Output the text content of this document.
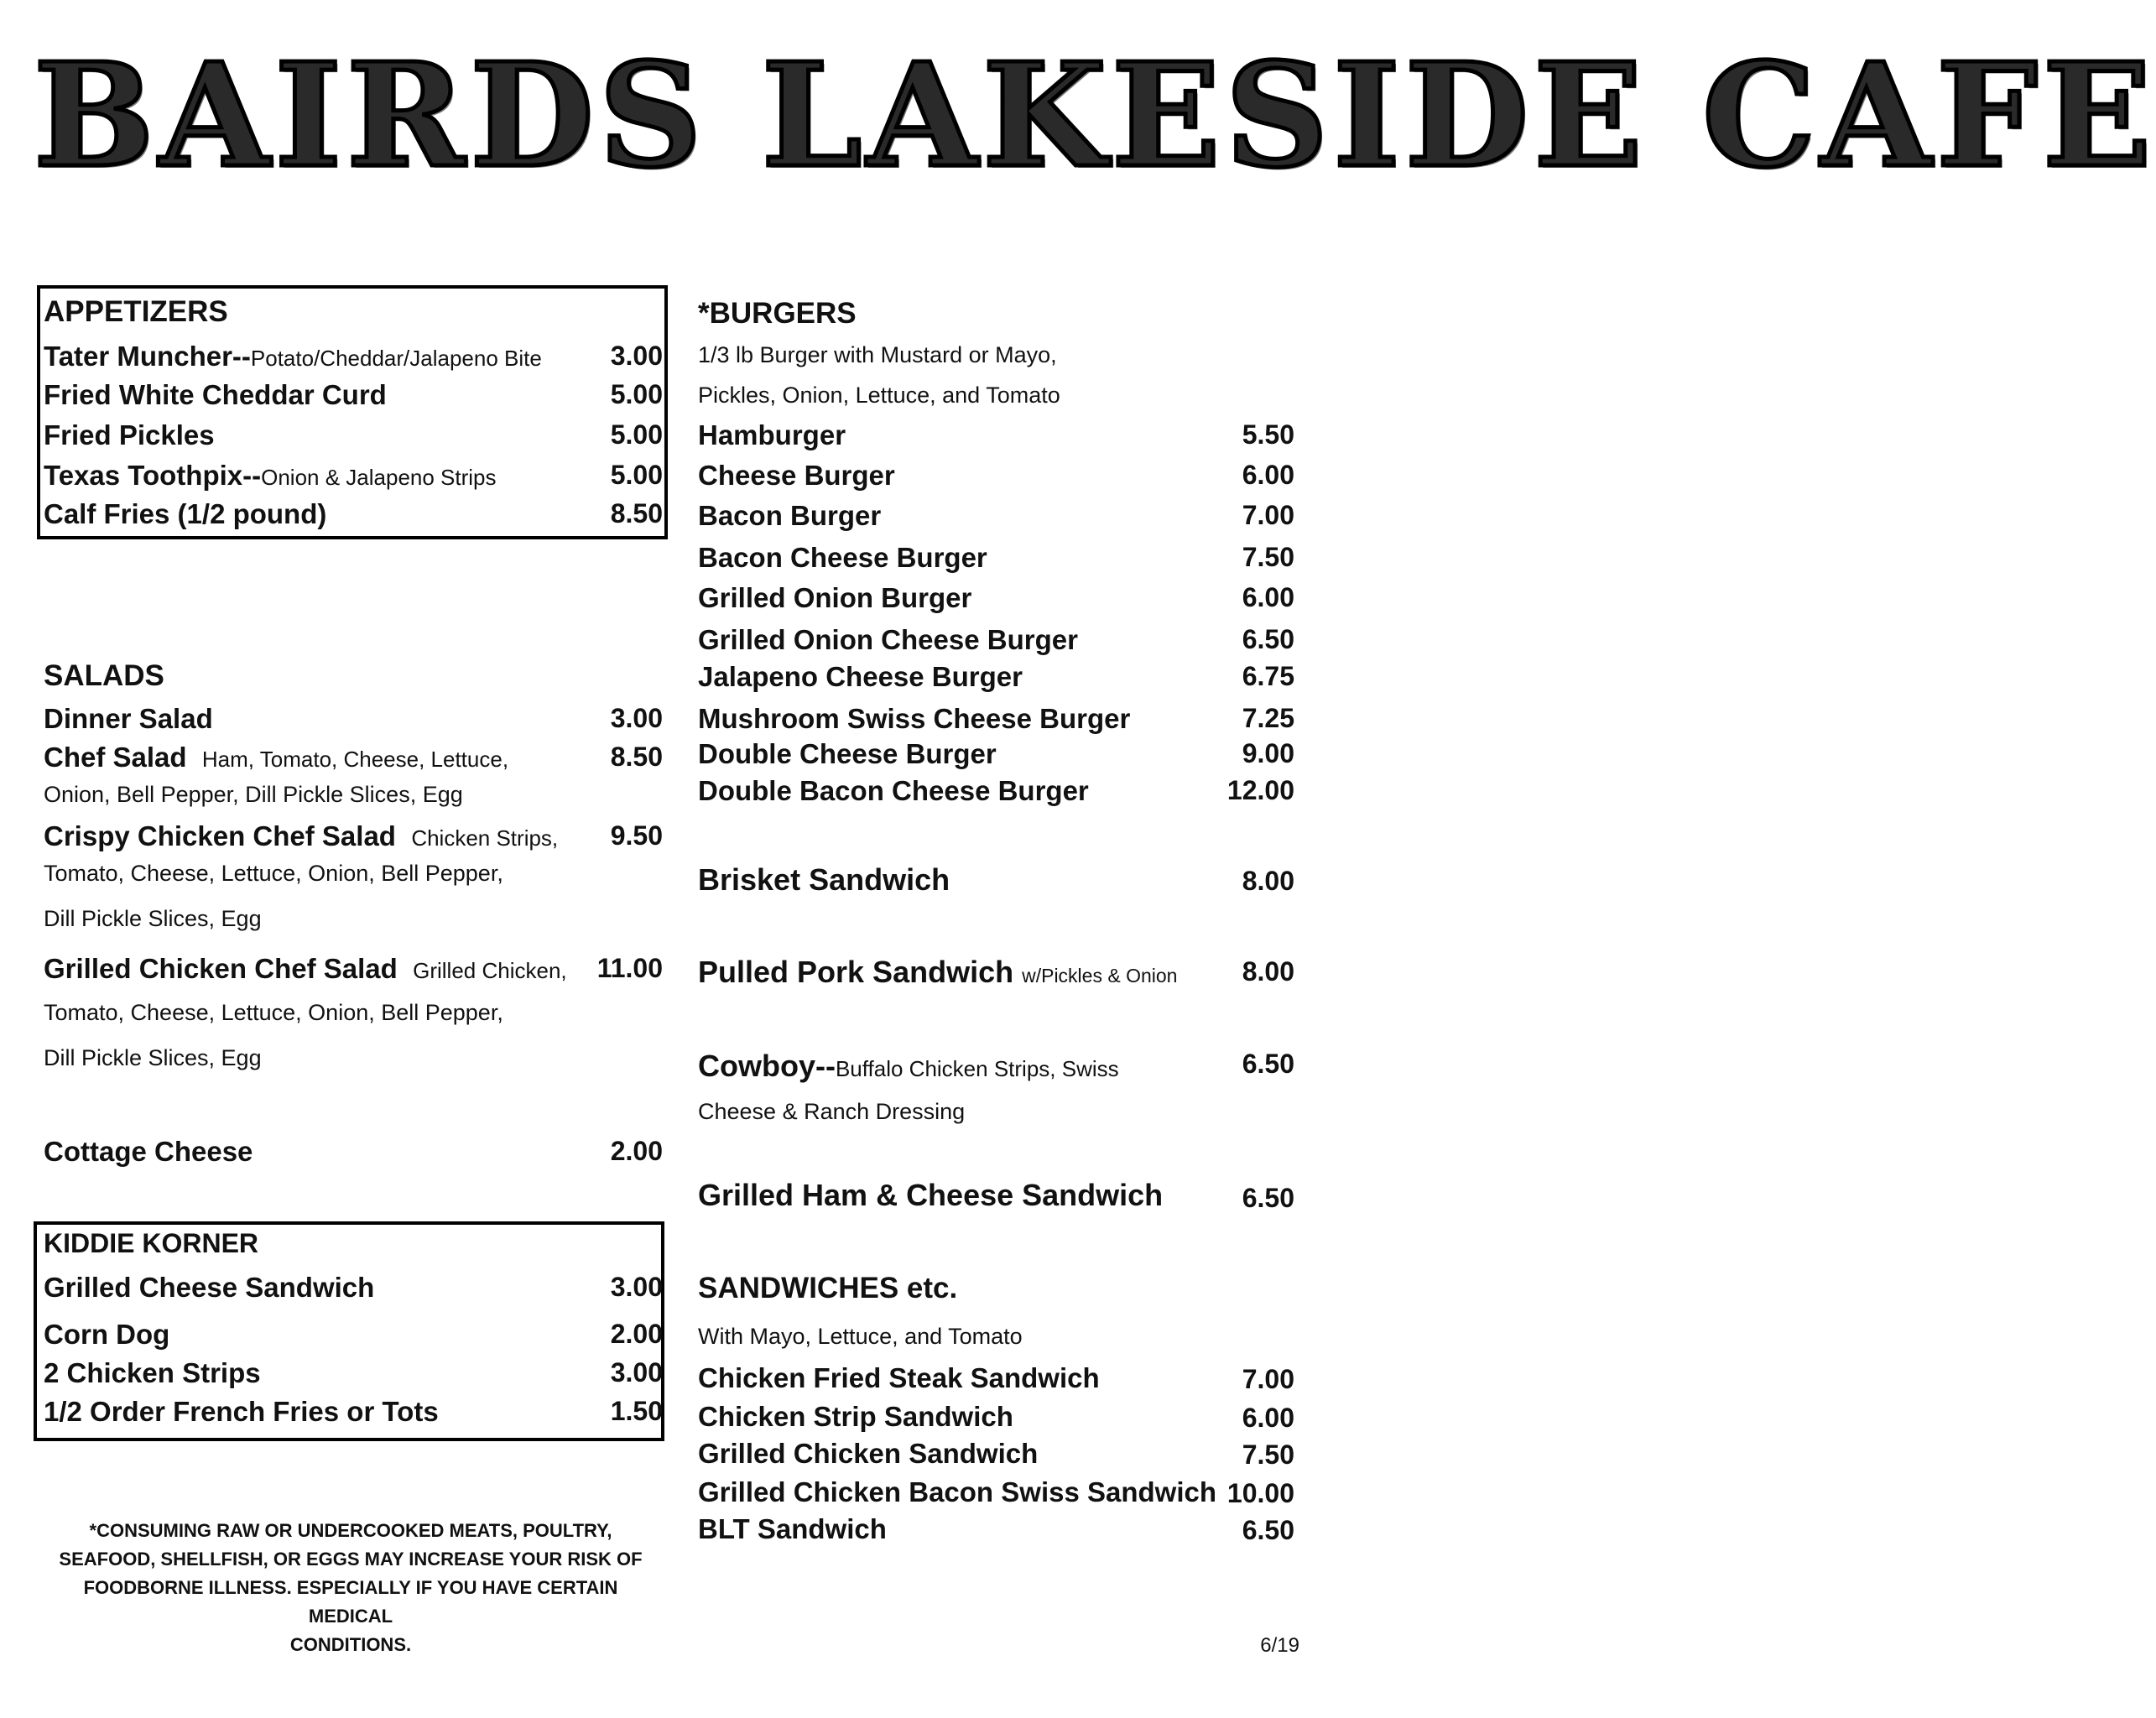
BAIRDS LAKESIDE CAFE
APPETIZERS
Tater Muncher--Potato/Cheddar/Jalapeno Bite	3.00
Fried White Cheddar Curd	5.00
Fried Pickles	5.00
Texas Toothpix--Onion & Jalapeno Strips	5.00
Calf Fries (1/2 pound)	8.50
SALADS
Dinner Salad	3.00
Chef Salad Ham, Tomato, Cheese, Lettuce,	8.50
Onion, Bell Pepper, Dill Pickle Slices, Egg
Crispy Chicken Chef Salad Chicken Strips, 9.50
Tomato, Cheese, Lettuce, Onion, Bell Pepper,
Dill Pickle Slices, Egg
Grilled Chicken Chef Salad Grilled Chicken, 11.00
Tomato, Cheese, Lettuce, Onion, Bell Pepper,
Dill Pickle Slices, Egg
Cottage Cheese	2.00
KIDDIE KORNER
Grilled Cheese Sandwich	3.00
Corn Dog	2.00
2 Chicken Strips	3.00
1/2 Order French Fries or Tots	1.50
*CONSUMING RAW OR UNDERCOOKED MEATS, POULTRY,
SEAFOOD, SHELLFISH, OR EGGS MAY INCREASE YOUR RISK OF
FOODBORNE ILLNESS. ESPECIALLY IF YOU HAVE CERTAIN MEDICAL
CONDITIONS.
*BURGERS
1/3 lb Burger with Mustard or Mayo,
Pickles, Onion, Lettuce, and Tomato
Hamburger	5.50
Cheese Burger	6.00
Bacon Burger	7.00
Bacon Cheese Burger	7.50
Grilled Onion Burger	6.00
Grilled Onion Cheese Burger	6.50
Jalapeno Cheese Burger	6.75
Mushroom Swiss Cheese Burger	7.25
Double Cheese Burger	9.00
Double Bacon Cheese Burger	12.00
Brisket Sandwich	8.00
Pulled Pork Sandwich w/Pickles & Onion 8.00
Cowboy--Buffalo Chicken Strips, Swiss	6.50
Cheese & Ranch Dressing
Grilled Ham & Cheese Sandwich	6.50
SANDWICHES etc.
With Mayo, Lettuce, and Tomato
Chicken Fried Steak Sandwich	7.00
Chicken Strip Sandwich	6.00
Grilled Chicken Sandwich	7.50
Grilled Chicken Bacon Swiss Sandwich 10.00
BLT Sandwich	6.50
6/19
